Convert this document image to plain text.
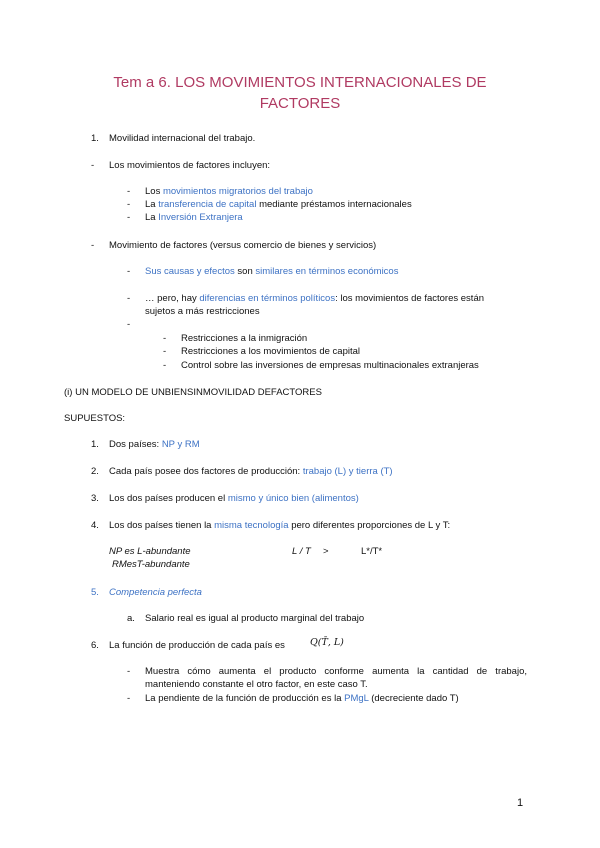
Tem a 6. LOS MOVIMIENTOS INTERNACIONALES DE
FACTORES
1. Movilidad internacional del trabajo.
- Los movimientos de factores incluyen:
- Los movimientos migratorios del trabajo
- La transferencia de capital mediante préstamos internacionales
- La Inversión Extranjera
- Movimiento de factores (versus comercio de bienes y servicios)
- Sus causas y efectos son similares en términos económicos
- … pero, hay diferencias en términos políticos: los movimientos de factores están
sujetos a más restricciones
-
- Restricciones a la inmigración
- Restricciones a los movimientos de capital
- Control sobre las inversiones de empresas multinacionales extranjeras
(i) UN MODELO DE UNBIENSINMOVILIDAD DEFACTORES
SUPUESTOS:
1. Dos países: NP y RM
2. Cada país posee dos factores de producción: trabajo (L) y tierra (T)
3. Los dos países producen el mismo y único bien (alimentos)
4. Los dos países tienen la misma tecnología pero diferentes proporciones de L y T:
NP es L-abundante
RMesT-abundante
L / T >	L*/T*
5. Competencia perfecta
a. Salario real es igual al producto marginal del trabajo
6. La función de producción de cada país es	Q(T̄, L)
- Muestra cómo aumenta el producto conforme aumenta la cantidad de trabajo,
manteniendo constante el otro factor, en este caso T.
- La pendiente de la función de producción es la PMgL (decreciente dado T)
1
